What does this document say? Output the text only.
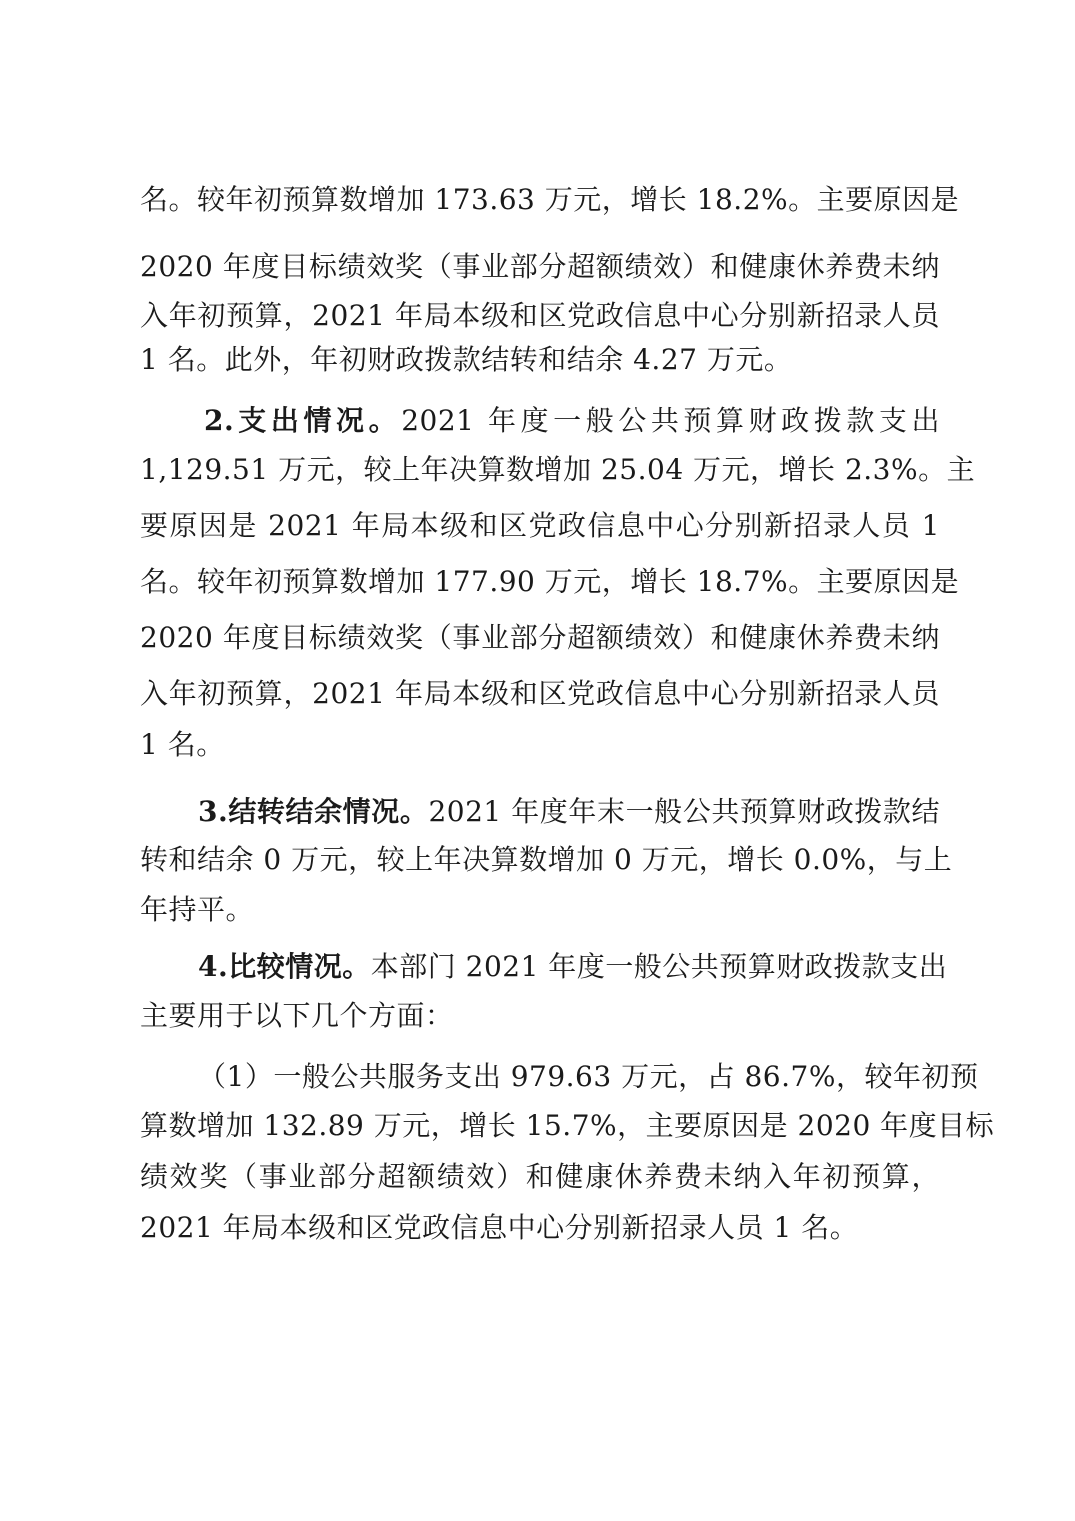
名。较年初预算数增加 173.63 万元，增长 18.2%。主要原因是
2020 年度目标绩效奖（事业部分超额绩效）和健康休养费未纳
入年初预算，2021 年局本级和区党政信息中心分别新招录人员
1 名。此外，年初财政拨款结转和结余 4.27 万元。
2.支出情况。2021 年度一般公共预算财政拨款支出
1,129.51 万元，较上年决算数增加 25.04 万元，增长 2.3%。主
要原因是 2021 年局本级和区党政信息中心分别新招录人员 1
名。较年初预算数增加 177.90 万元，增长 18.7%。主要原因是
2020 年度目标绩效奖（事业部分超额绩效）和健康休养费未纳
入年初预算，2021 年局本级和区党政信息中心分别新招录人员
1 名。
3.结转结余情况。2021 年度年末一般公共预算财政拨款结
转和结余 0 万元，较上年决算数增加 0 万元，增长 0.0%，与上
年持平。
4.比较情况。本部门 2021 年度一般公共预算财政拨款支出
主要用于以下几个方面：
（1）一般公共服务支出 979.63 万元，占 86.7%，较年初预
算数增加 132.89 万元，增长 15.7%，主要原因是 2020 年度目标
绩效奖（事业部分超额绩效）和健康休养费未纳入年初预算，
2021 年局本级和区党政信息中心分别新招录人员 1 名。
